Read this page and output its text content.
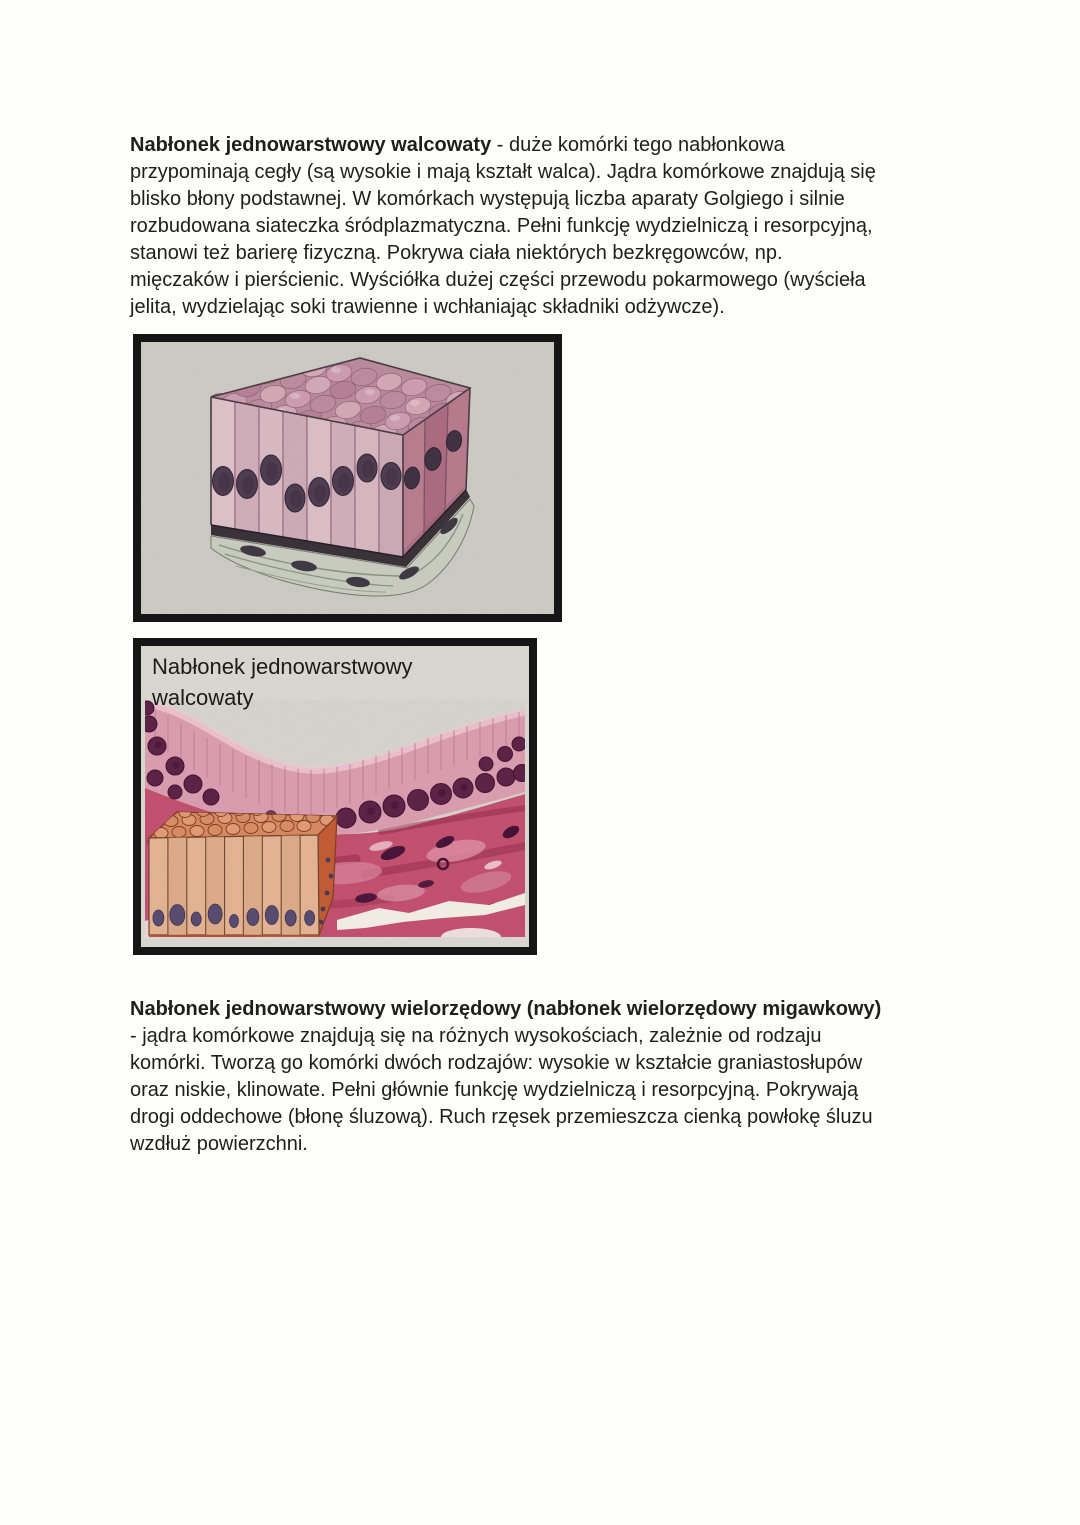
Nabłonek jednowarstwowy walcowaty - duże komórki tego nabłonkowa
przypominają cegły (są wysokie i mają kształt walca). Jądra komórkowe znajdują się
blisko błony podstawnej. W komórkach występują liczba aparaty Golgiego i silnie
rozbudowana siateczka śródplazmatyczna. Pełni funkcję wydzielniczą i resorpcyjną,
stanowi też barierę fizyczną. Pokrywa ciała niektórych bezkręgowców, np.
mięczaków i pierścienic. Wyściółka dużej części przewodu pokarmowego (wyścieła
jelita, wydzielając soki trawienne i wchłaniając składniki odżywcze).

Nabłonek jednowarstwowy walcowaty

Nabłonek jednowarstwowy wielorzędowy (nabłonek wielorzędowy migawkowy)
- jądra komórkowe znajdują się na różnych wysokościach, zależnie od rodzaju
komórki. Tworzą go komórki dwóch rodzajów: wysokie w kształcie graniastosłupów
oraz niskie, klinowate. Pełni głównie funkcję wydzielniczą i resorpcyjną. Pokrywają
drogi oddechowe (błonę śluzową). Ruch rzęsek przemieszcza cienką powłokę śluzu
wzdłuż powierzchni.
